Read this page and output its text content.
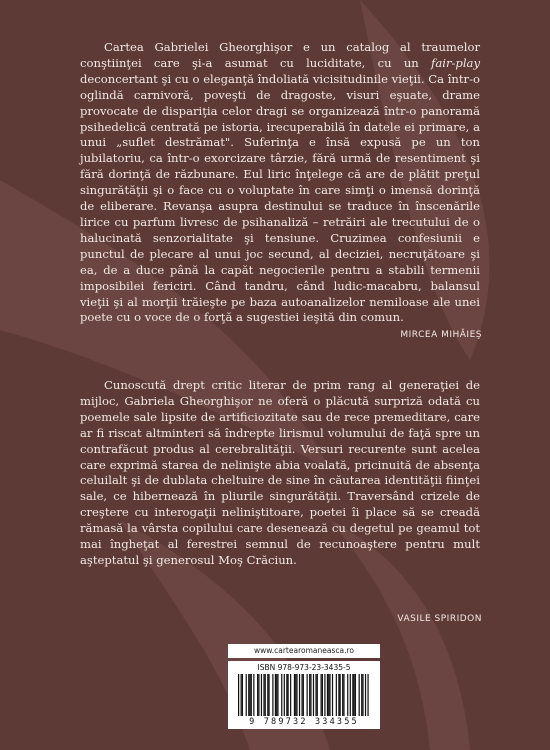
Cartea Gabrielei Gheorghişor e un catalog al traumelor conştiinţei care şi-a asumat cu luciditate, cu un fair-play deconcertant şi cu o eleganţă îndoliată vicisitudinile vieţii. Ca într-o oglindă carnivoră, poveşti de dragoste, visuri eşuate, drame provocate de dispariţia celor dragi se organizează într-o panoramă psihedelică centrată pe istoria, irecuperabilă în datele ei primare, a unui „suflet destrămat". Suferinţa e însă expusă pe un ton jubilatoriu, ca într-o exorcizare târzie, fără urmă de resentiment şi fără dorinţă de răzbunare. Eul liric înţelege că are de plătit preţul singurătăţii şi o face cu o voluptate în care simţi o imensă dorinţă de eliberare. Revanşa asupra destinului se traduce în înscenările lirice cu parfum livresc de psihanaliză – retrăiri ale trecutului de o halucinată senzorialitate şi tensiune. Cruzimea confesiunii e punctul de plecare al unui joc secund, al deciziei, necruţătoare şi ea, de a duce până la capăt negocierile pentru a stabili termenii imposibilei fericiri. Când tandru, când ludic-macabru, balansul vieţii şi al morţii trăieşte pe baza autoanalizelor nemiloase ale unei poete cu o voce de o forţă a sugestiei ieşită din comun.

MIRCEA MIHĂIEŞ

Cunoscută drept critic literar de prim rang al generaţiei de mijloc, Gabriela Gheorghişor ne oferă o plăcută surpriză odată cu poemele sale lipsite de artificiozitate sau de rece premeditare, care ar fi riscat altminteri să îndrepte lirismul volumului de faţă spre un contrafăcut produs al cerebralităţii. Versuri recurente sunt acelea care exprimă starea de nelinişte abia voalată, pricinuită de absenţa celuilalt şi de dublata cheltuire de sine în căutarea identităţii fiinţei sale, ce hibernează în pliurile singurătăţii. Traversând crizele de creştere cu interogaţii neliniştitoare, poetei îi place să se creadă rămasă la vârsta copilului care desenează cu degetul pe geamul tot mai îngheţat al ferestrei semnul de recunoaştere pentru mult aşteptatul şi generosul Moş Crăciun.

VASILE SPIRIDON
www.cartearomaneasca.ro
ISBN 978-973-23-3435-5
9 789732 334355
